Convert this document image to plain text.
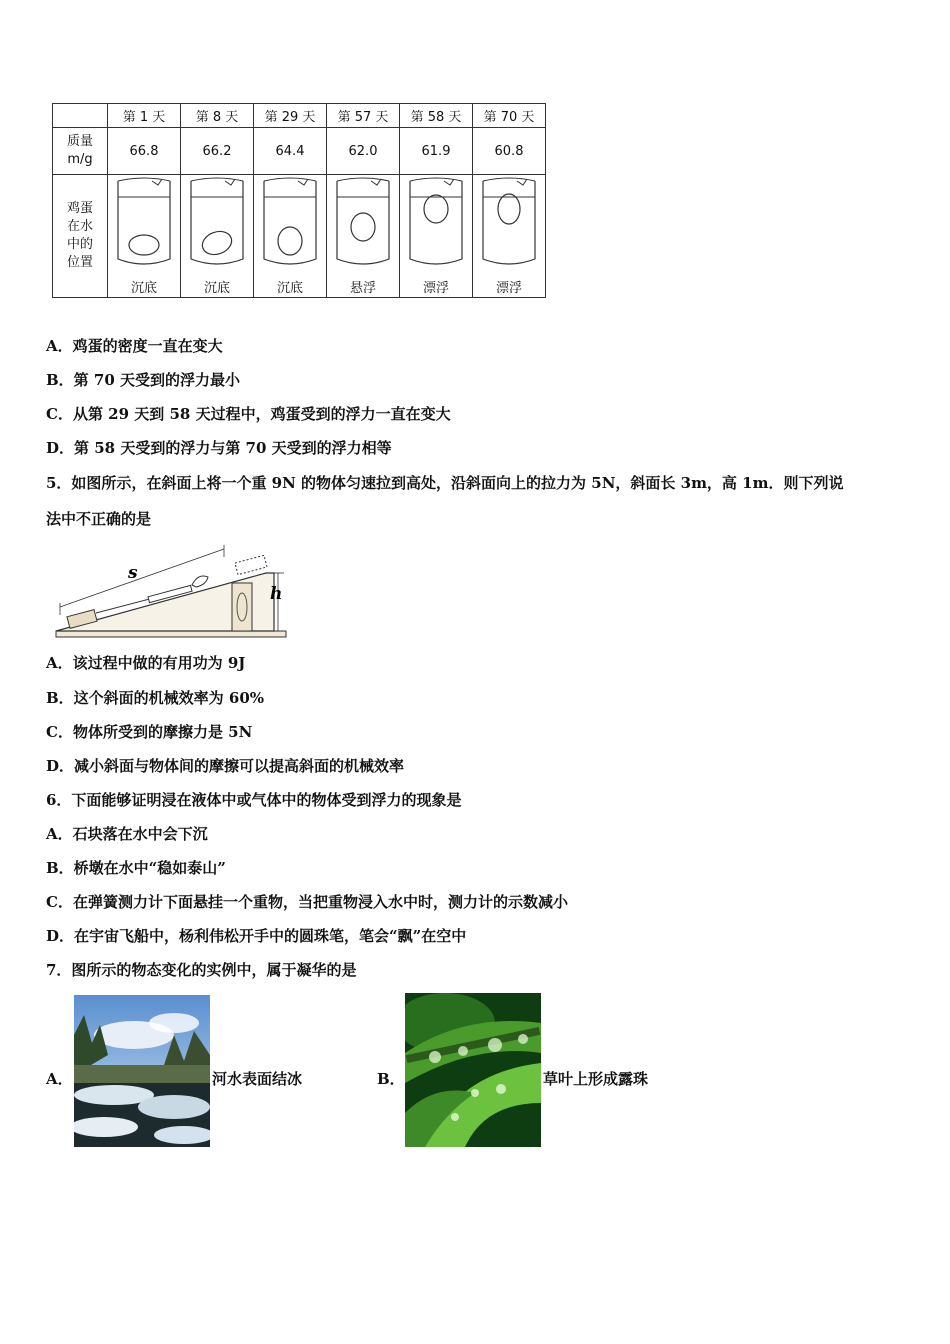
	第 1 天	第 8 天	第 29 天	第 57 天	第 58 天	第 70 天
质量
m/g	66.8	66.2	64.4	62.0	61.9	60.8
鸡蛋
在水
中的
位置	沉底	沉底	沉底	悬浮	漂浮	漂浮
A．鸡蛋的密度一直在变大
B．第 70 天受到的浮力最小
C．从第 29 天到 58 天过程中，鸡蛋受到的浮力一直在变大
D．第 58 天受到的浮力与第 70 天受到的浮力相等
5．如图所示，在斜面上将一个重 9N 的物体匀速拉到高处，沿斜面向上的拉力为 5N，斜面长 3m，高 1m．则下列说
法中不正确的是
s
h
A．该过程中做的有用功为 9J
B．这个斜面的机械效率为 60%
C．物体所受到的摩擦力是 5N
D．减小斜面与物体间的摩擦可以提高斜面的机械效率
6．下面能够证明浸在液体中或气体中的物体受到浮力的现象是
A．石块落在水中会下沉
B．桥墩在水中“稳如泰山”
C．在弹簧测力计下面悬挂一个重物，当把重物浸入水中时，测力计的示数减小
D．在宇宙飞船中，杨利伟松开手中的圆珠笔，笔会“飘”在空中
7．图所示的物态变化的实例中，属于凝华的是
A．	河水表面结冰	B．	草叶上形成露珠
